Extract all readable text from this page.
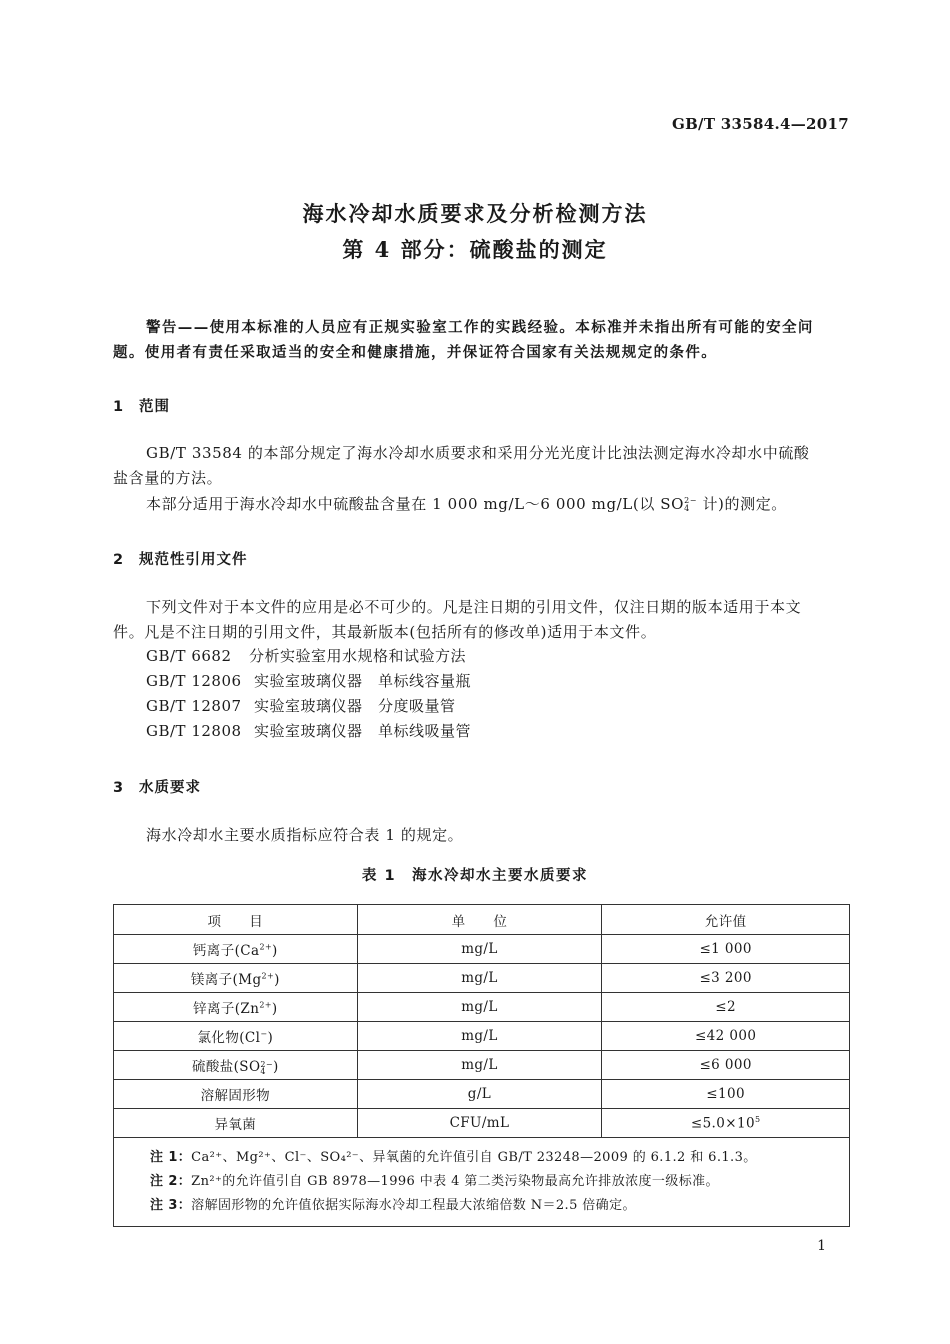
GB/T 33584.4—2017
海水冷却水质要求及分析检测方法
第 4 部分：硫酸盐的测定
警告——使用本标准的人员应有正规实验室工作的实践经验。本标准并未指出所有可能的安全问
题。使用者有责任采取适当的安全和健康措施，并保证符合国家有关法规规定的条件。
1 范围
GB/T 33584 的本部分规定了海水冷却水质要求和采用分光光度计比浊法测定海水冷却水中硫酸
盐含量的方法。
本部分适用于海水冷却水中硫酸盐含量在 1 000 mg/L～6 000 mg/L(以 SO 2−
4 计)的测定。
2 规范性引用文件
下列文件对于本文件的应用是必不可少的。凡是注日期的引用文件，仅注日期的版本适用于本文
件。凡是不注日期的引用文件，其最新版本(包括所有的修改单)适用于本文件。
GB/T 6682 分析实验室用水规格和试验方法
GB/T 12806 实验室玻璃仪器　单标线容量瓶
GB/T 12807 实验室玻璃仪器　分度吸量管
GB/T 12808 实验室玻璃仪器　单标线吸量管
3 水质要求
海水冷却水主要水质指标应符合表 1 的规定。
表 1　海水冷却水主要水质要求
项　　目	单　　位	允许值
钙离子$(Ca^{2+})$	mg/L	≤1 000
镁离子$(Mg^{2+})$	mg/L	≤3 200
锌离子$(Zn^{2+})$	mg/L	≤2
氯化物(Cl−)	mg/L	≤42 000
硫酸盐(SO 2−
4 )	mg/L	≤6 000
溶解固形物	g/L	≤100
异氧菌	CFU/mL	$\le 5.0\times 10^5$

注 1：Ca²⁺、Mg²⁺、Cl⁻、SO₄²⁻、异氧菌的允许值引自 GB/T 23248—2009 的 6.1.2 和 6.1.3。
注 2：Zn²⁺的允许值引自 GB 8978—1996 中表 4 第二类污染物最高允许排放浓度一级标准。
注 3：溶解固形物的允许值依据实际海水冷却工程最大浓缩倍数 N＝2.5 倍确定。		
1
